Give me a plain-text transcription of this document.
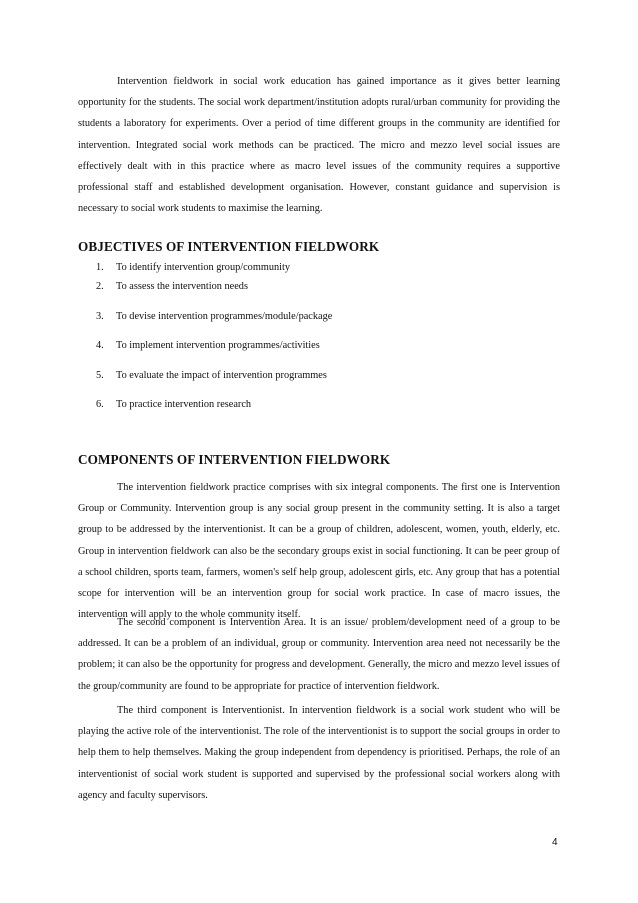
Intervention fieldwork in social work education has gained importance as it gives better learning opportunity for the students. The social work department/institution adopts rural/urban community for providing the students a laboratory for experiments. Over a period of time different groups in the community are identified for intervention. Integrated social work methods can be practiced. The micro and mezzo level social issues are effectively dealt with in this practice where as macro level issues of the community requires a supportive professional staff and established development organisation. However, constant guidance and supervision is necessary to social work students to maximise the learning.

OBJECTIVES OF INTERVENTION FIELDWORK
1. To identify intervention group/community
2. To assess the intervention needs
3. To devise intervention programmes/module/package
4. To implement intervention programmes/activities
5. To evaluate the impact of intervention programmes
6. To practice intervention research
COMPONENTS OF INTERVENTION FIELDWORK

The intervention fieldwork practice comprises with six integral components. The first one is Intervention Group or Community. Intervention group is any social group present in the community setting. It is also a target group to be addressed by the interventionist. It can be a group of children, adolescent, women, youth, elderly, etc. Group in intervention fieldwork can also be the secondary groups exist in social functioning. It can be peer group of a school children, sports team, farmers, women's self help group, adolescent girls, etc. Any group that has a potential scope for intervention will be an intervention group for social work practice. In case of macro issues, the intervention will apply to the whole community itself.

The second component is Intervention Area. It is an issue/ problem/development need of a group to be addressed. It can be a problem of an individual, group or community. Intervention area need not necessarily be the problem; it can also be the opportunity for progress and development. Generally, the micro and mezzo level issues of the group/community are found to be appropriate for practice of intervention fieldwork.

The third component is Interventionist. In intervention fieldwork is a social work student who will be playing the active role of the interventionist. The role of the interventionist is to support the social groups in order to help them to help themselves. Making the group independent from dependency is prioritised. Perhaps, the role of an interventionist of social work student is supported and supervised by the professional social workers along with agency and faculty supervisors.

4
